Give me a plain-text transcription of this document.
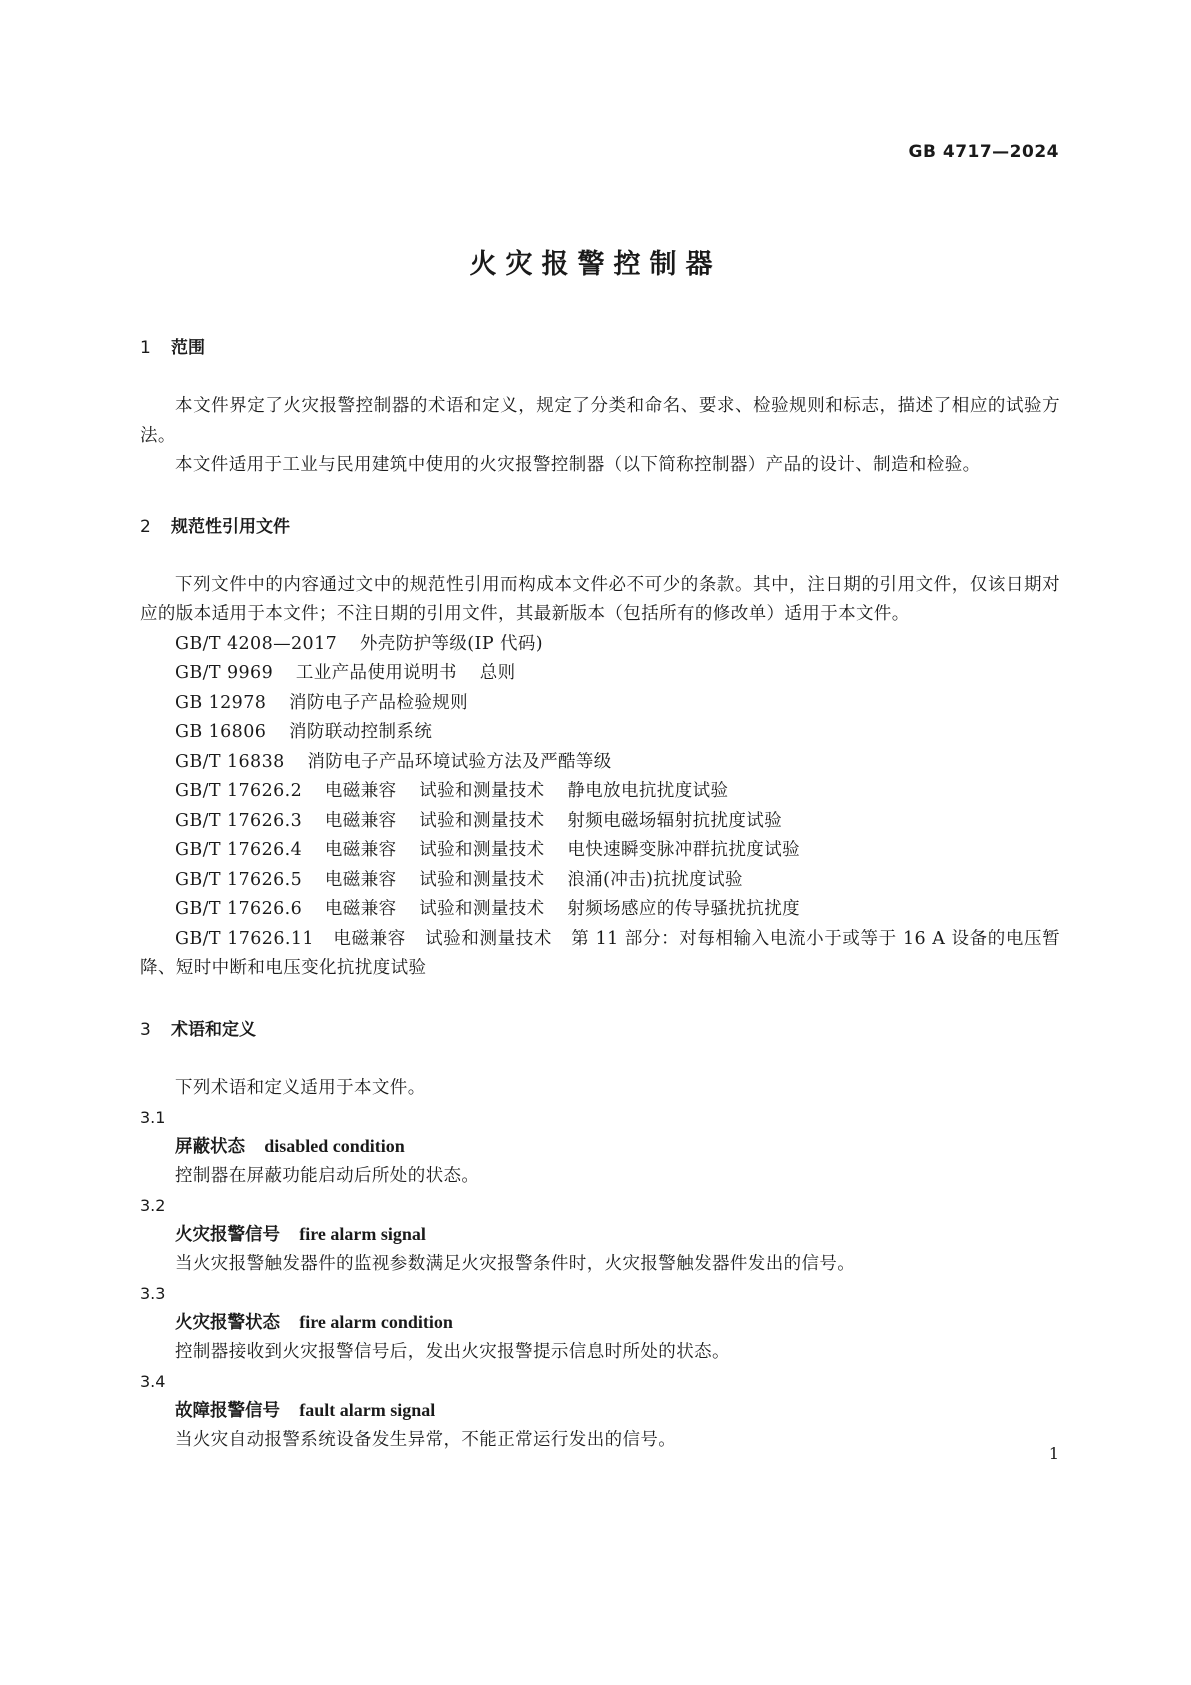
GB 4717—2024
火灾报警控制器
1 范围

本文件界定了火灾报警控制器的术语和定义，规定了分类和命名、要求、检验规则和标志，描述了相应的试验方法。

本文件适用于工业与民用建筑中使用的火灾报警控制器（以下简称控制器）产品的设计、制造和检验。

2 规范性引用文件

下列文件中的内容通过文中的规范性引用而构成本文件必不可少的条款。其中，注日期的引用文件，仅该日期对应的版本适用于本文件；不注日期的引用文件，其最新版本（包括所有的修改单）适用于本文件。

GB/T 4208—2017 外壳防护等级(IP 代码)
GB/T 9969 工业产品使用说明书 总则
GB 12978 消防电子产品检验规则
GB 16806 消防联动控制系统
GB/T 16838 消防电子产品环境试验方法及严酷等级
GB/T 17626.2 电磁兼容 试验和测量技术 静电放电抗扰度试验
GB/T 17626.3 电磁兼容 试验和测量技术 射频电磁场辐射抗扰度试验
GB/T 17626.4 电磁兼容 试验和测量技术 电快速瞬变脉冲群抗扰度试验
GB/T 17626.5 电磁兼容 试验和测量技术 浪涌(冲击)抗扰度试验
GB/T 17626.6 电磁兼容 试验和测量技术 射频场感应的传导骚扰抗扰度
GB/T 17626.11 电磁兼容 试验和测量技术 第 11 部分：对每相输入电流小于或等于 16 A 设备的电压暂降、短时中断和电压变化抗扰度试验
3 术语和定义

下列术语和定义适用于本文件。

3.1

屏蔽状态 disabled condition

控制器在屏蔽功能启动后所处的状态。

3.2

火灾报警信号 fire alarm signal

当火灾报警触发器件的监视参数满足火灾报警条件时，火灾报警触发器件发出的信号。

3.3

火灾报警状态 fire alarm condition

控制器接收到火灾报警信号后，发出火灾报警提示信息时所处的状态。

3.4

故障报警信号 fault alarm signal

当火灾自动报警系统设备发生异常，不能正常运行发出的信号。

1
